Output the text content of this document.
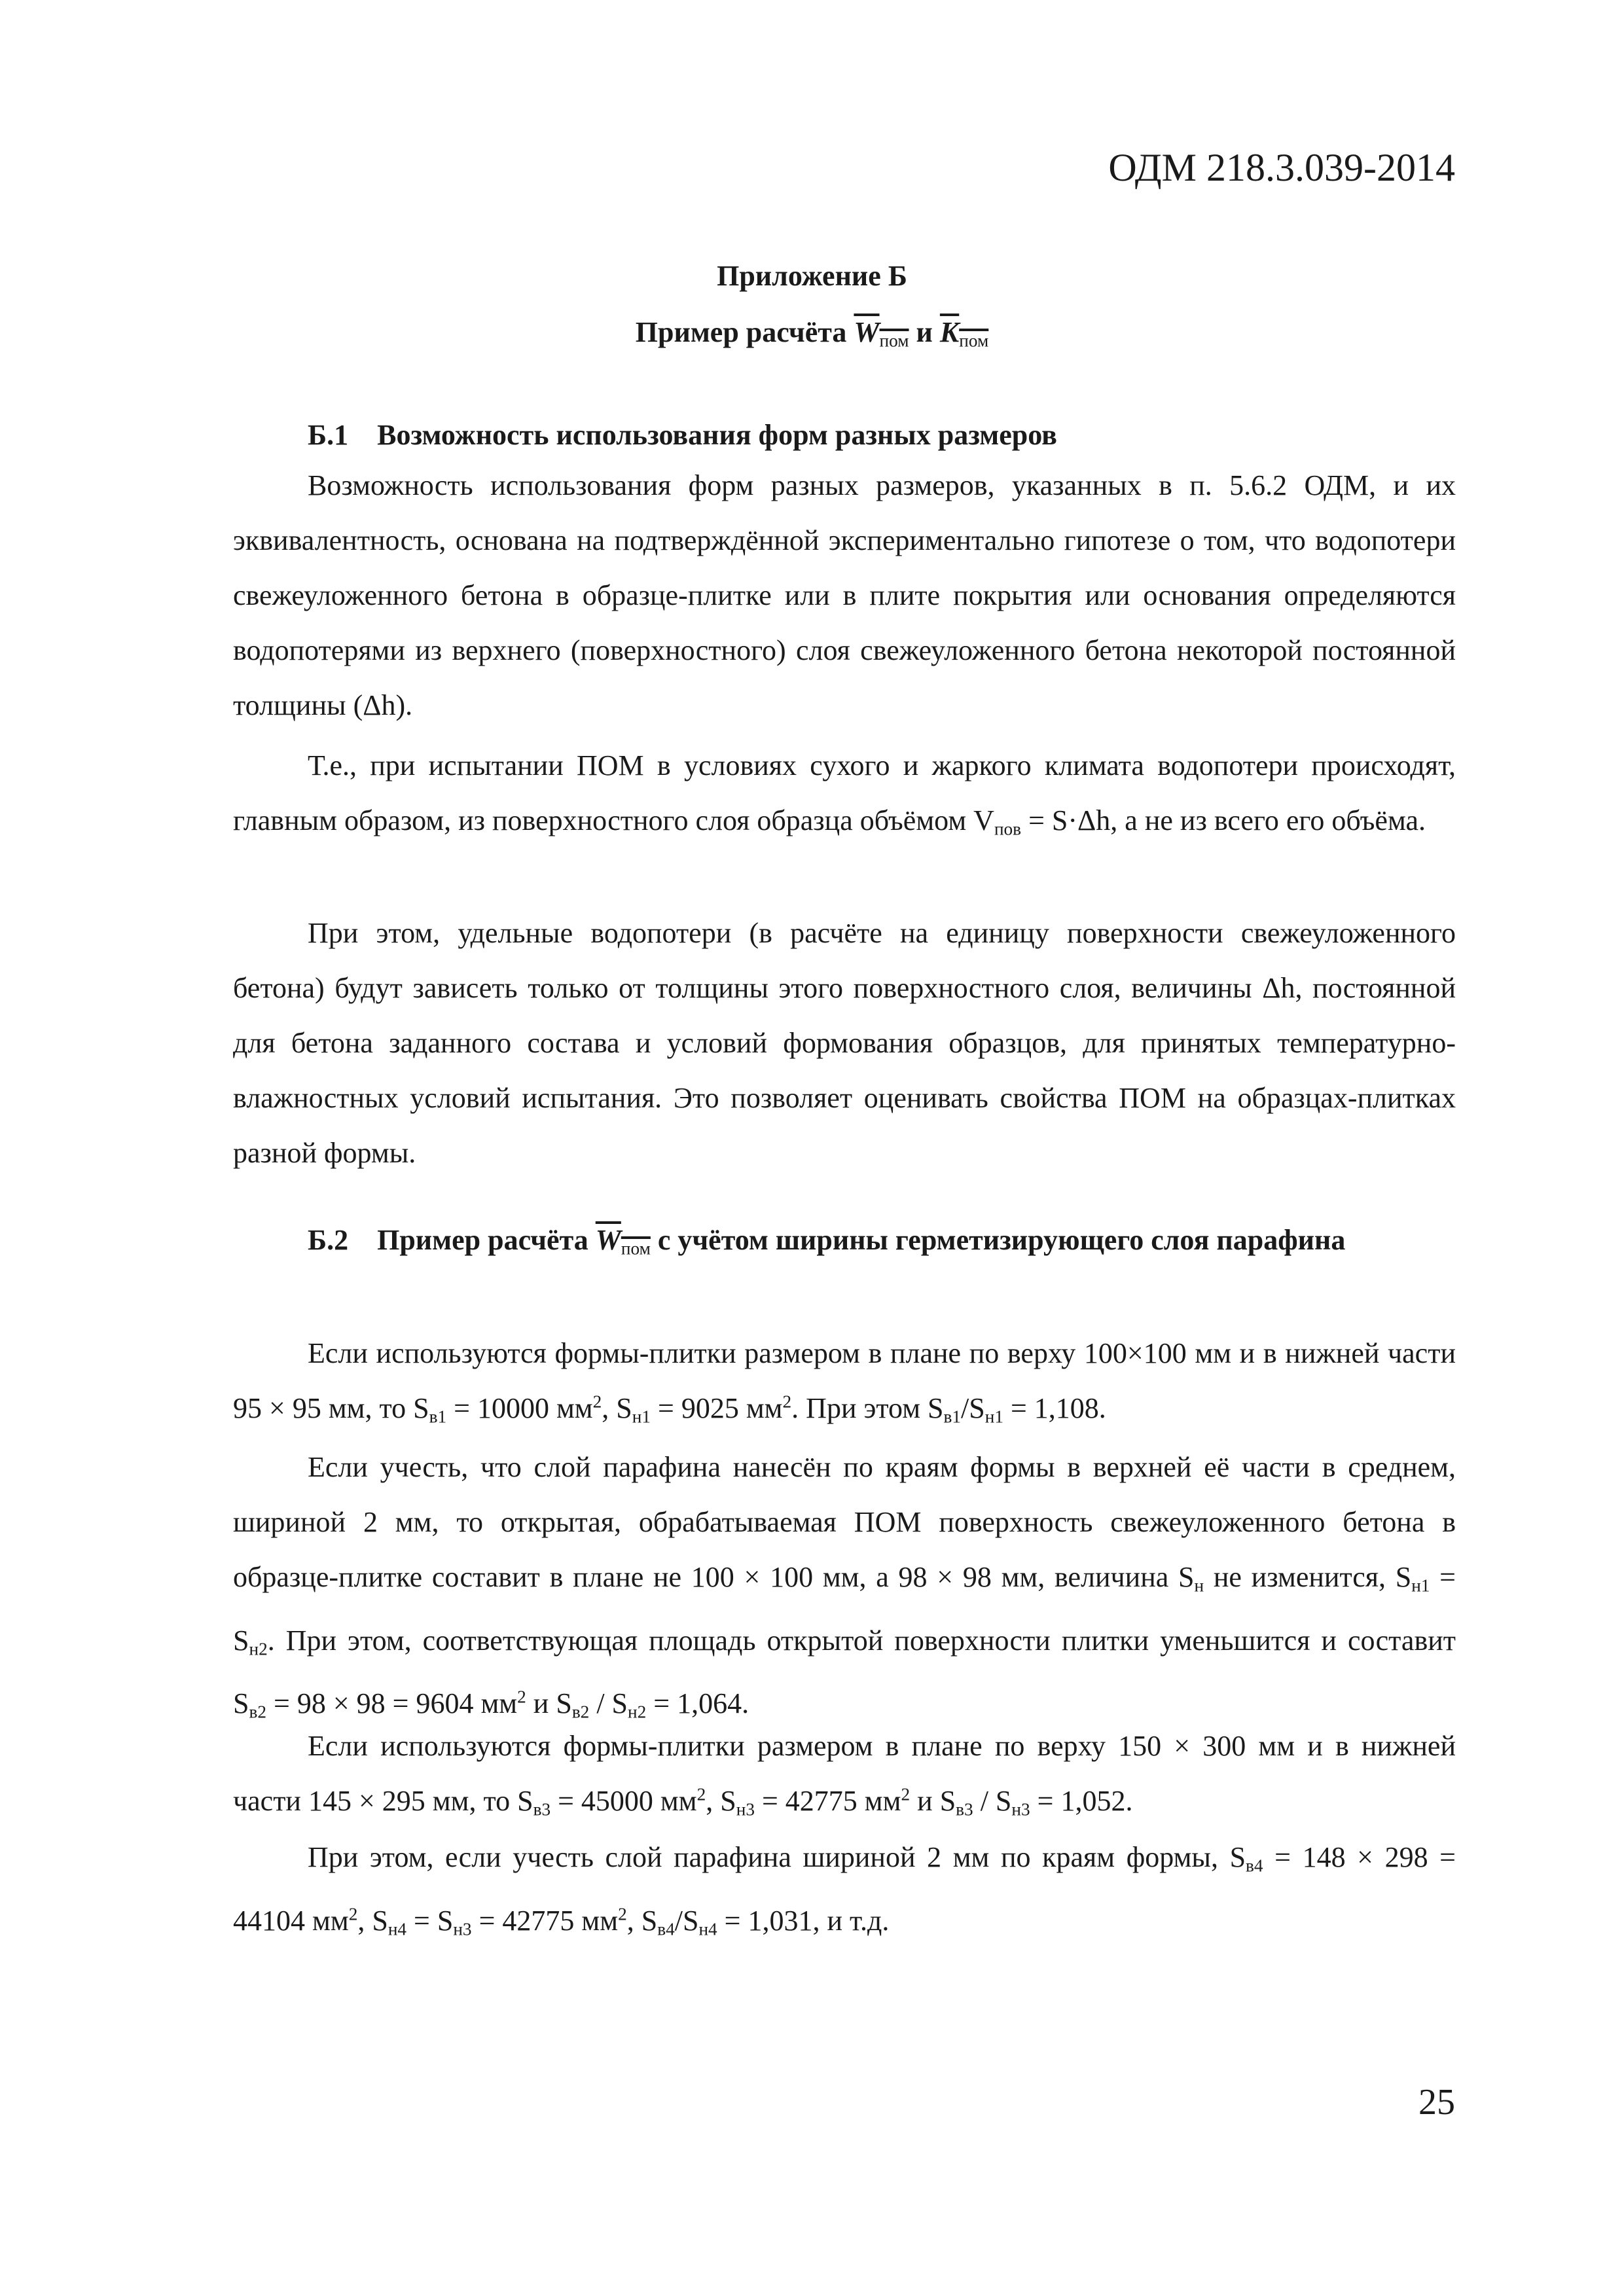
ОДМ 218.3.039-2014
Приложение Б
Пример расчёта $W_{пом}$ и $K_{пом}$
Б.1 Возможность использования форм разных размеров
Возможность использования форм разных размеров, указанных в п. 5.6.2 ОДМ, и их эквивалентность, основана на подтверждённой экспериментально гипотезе о том, что водопотери свежеуложенного бетона в образце-плитке или в плите покрытия или основания определяются водопотерями из верхнего (поверхностного) слоя свежеуложенного бетона некоторой постоянной толщины (Δh).
Т.е., при испытании ПОМ в условиях сухого и жаркого климата водопотери происходят, главным образом, из поверхностного слоя образца объёмом Vпов = S·Δh, а не из всего его объёма.
При этом, удельные водопотери (в расчёте на единицу поверхности свежеуложенного бетона) будут зависеть только от толщины этого поверхностного слоя, величины Δh, постоянной для бетона заданного состава и условий формования образцов, для принятых температурно-влажностных условий испытания. Это позволяет оценивать свойства ПОМ на образцах-плитках разной формы.
Б.2 Пример расчёта $W_{пом}$ с учётом ширины герметизирующего слоя парафина
Если используются формы-плитки размером в плане по верху 100×100 мм и в нижней части 95 × 95 мм, то Sв1 = 10000 $мм^2$, Sн1 = 9025 $мм^2$. При этом Sв1/Sн1 = 1,108.
Если учесть, что слой парафина нанесён по краям формы в верхней её части в среднем, шириной 2 мм, то открытая, обрабатываемая ПОМ поверхность свежеуложенного бетона в образце-плитке составит в плане не 100 × 100 мм, а 98 × 98 мм, величина Sн не изменится, Sн1 = Sн2. При этом, соответствующая площадь открытой поверхности плитки уменьшится и составит Sв2 = 98 × 98 = 9604 $мм^2$ и Sв2 / Sн2 = 1,064.
Если используются формы-плитки размером в плане по верху 150 × 300 мм и в нижней части 145 × 295 мм, то Sв3 = 45000 $мм^2$, Sн3 = 42775 $мм^2$ и Sв3 / Sн3 = 1,052.
При этом, если учесть слой парафина шириной 2 мм по краям формы, Sв4 = 148 × 298 = 44104 $мм^2$, Sн4 = Sн3 = 42775 $мм^2$, Sв4/Sн4 = 1,031, и т.д.
25
